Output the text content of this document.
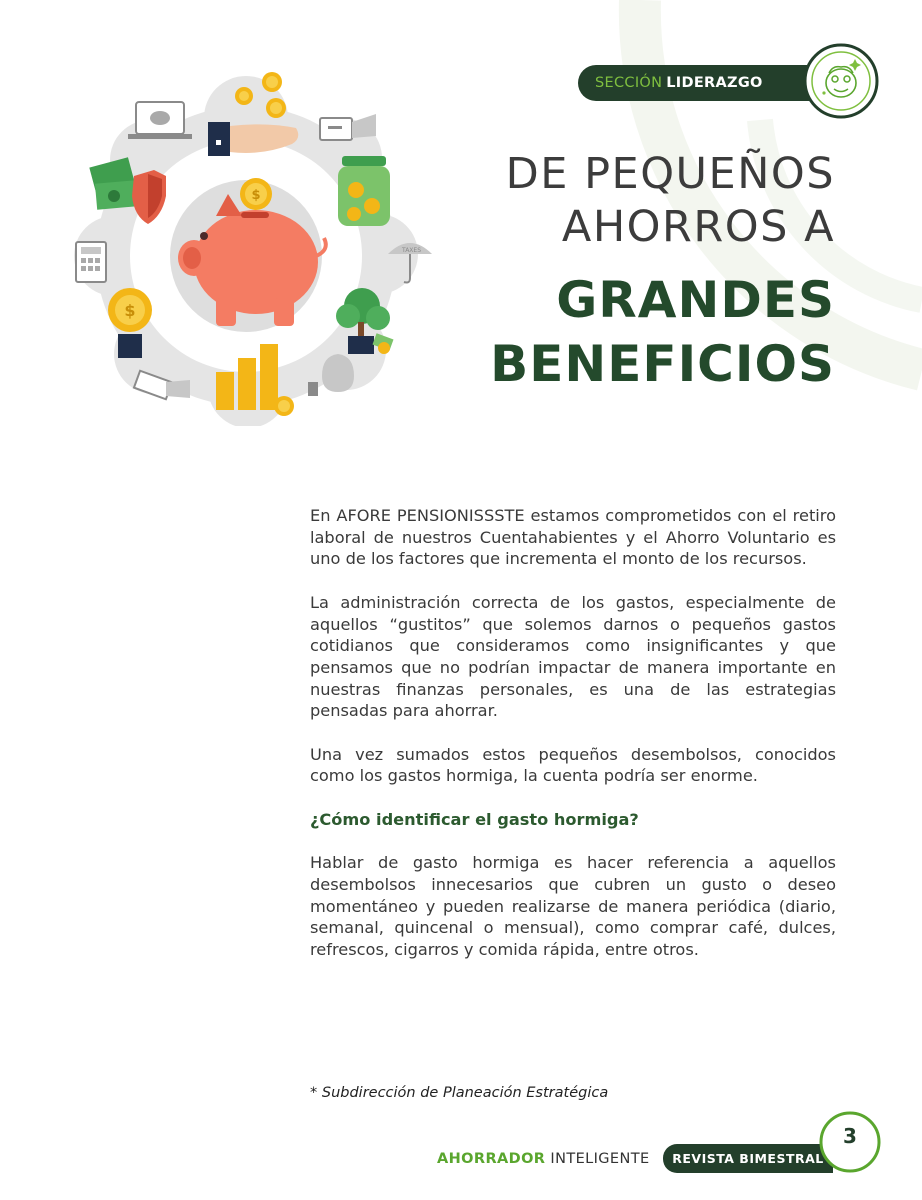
SECCIÓN LIDERAZGO
DE PEQUEÑOS
AHORROS A
GRANDES
BENEFICIOS
$
TAXES
$

En AFORE PENSIONISSSTE estamos comprometidos con el retiro laboral de nuestros Cuentahabientes y el Ahorro Voluntario es uno de los factores que incrementa el monto de los recursos.

La administración correcta de los gastos, especialmente de aquellos “gustitos” que solemos darnos o pequeños gastos cotidianos que consideramos como insignificantes y que pensamos que no podrían impactar de manera importante en nuestras finanzas personales, es una de las estrategias pensadas para ahorrar.

Una vez sumados estos pequeños desembolsos, conocidos como los gastos hormiga, la cuenta podría ser enorme.

¿Cómo identificar el gasto hormiga?

Hablar de gasto hormiga es hacer referencia a aquellos desembolsos innecesarios que cubren un gusto o deseo momentáneo y pueden realizarse de manera periódica (diario, semanal, quincenal o mensual), como comprar café, dulces, refrescos, cigarros y comida rápida, entre otros.

* Subdirección de Planeación Estratégica
AHORRADOR INTELIGENTE	REVISTA BIMESTRAL
3
